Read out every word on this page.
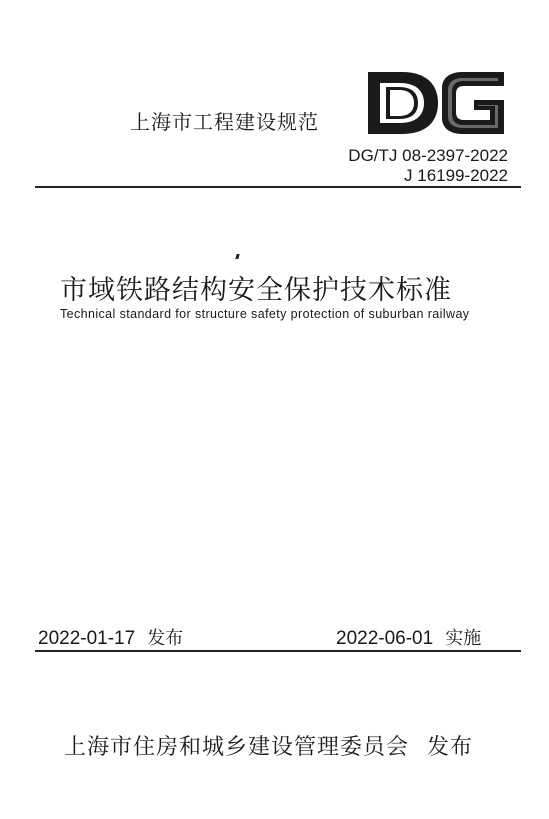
上海市工程建设规范
DG/TJ 08-2397-2022
J 16199-2022
市域铁路结构安全保护技术标准
Technical standard for structure safety protection of suburban railway
2022-01-17 发布	2022-06-01 实施
上海市住房和城乡建设管理委员会 发布
